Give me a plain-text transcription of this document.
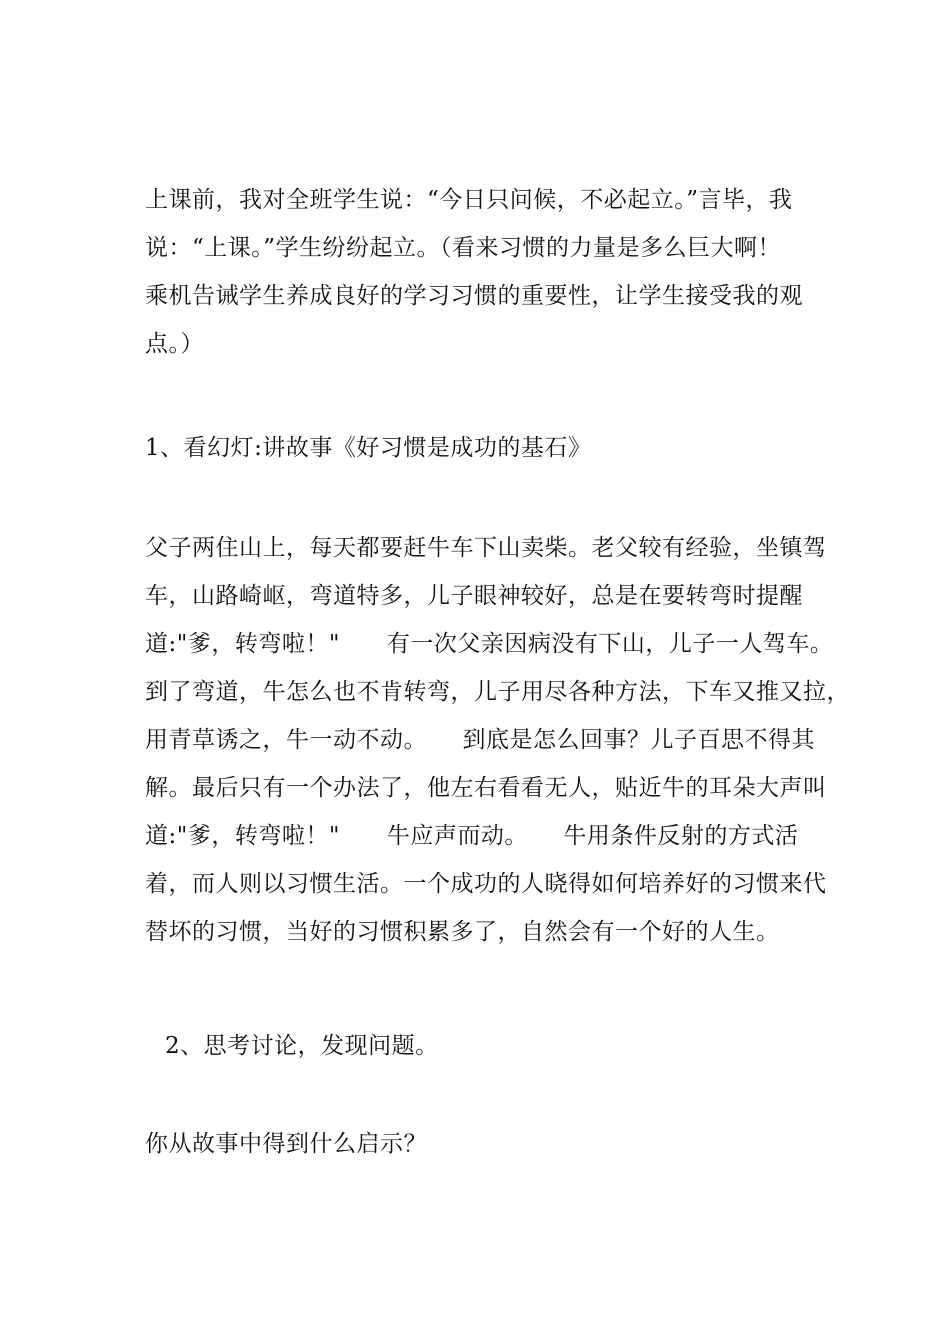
上课前，我对全班学生说：“今日只问候，不必起立。”言毕，我
说：“上课。”学生纷纷起立。（看来习惯的力量是多么巨大啊！
乘机告诫学生养成良好的学习习惯的重要性，让学生接受我的观
点。）
1、看幻灯:讲故事《好习惯是成功的基石》
父子两住山上，每天都要赶牛车下山卖柴。老父较有经验，坐镇驾
车，山路崎岖，弯道特多，儿子眼神较好，总是在要转弯时提醒
道:"爹，转弯啦！"　　有一次父亲因病没有下山，儿子一人驾车。
到了弯道，牛怎么也不肯转弯，儿子用尽各种方法，下车又推又拉，
用青草诱之，牛一动不动。　　到底是怎么回事？儿子百思不得其
解。最后只有一个办法了，他左右看看无人，贴近牛的耳朵大声叫
道:"爹，转弯啦！"　　牛应声而动。　　牛用条件反射的方式活
着，而人则以习惯生活。一个成功的人晓得如何培养好的习惯来代
替坏的习惯，当好的习惯积累多了，自然会有一个好的人生。
2、思考讨论，发现问题。
你从故事中得到什么启示？
